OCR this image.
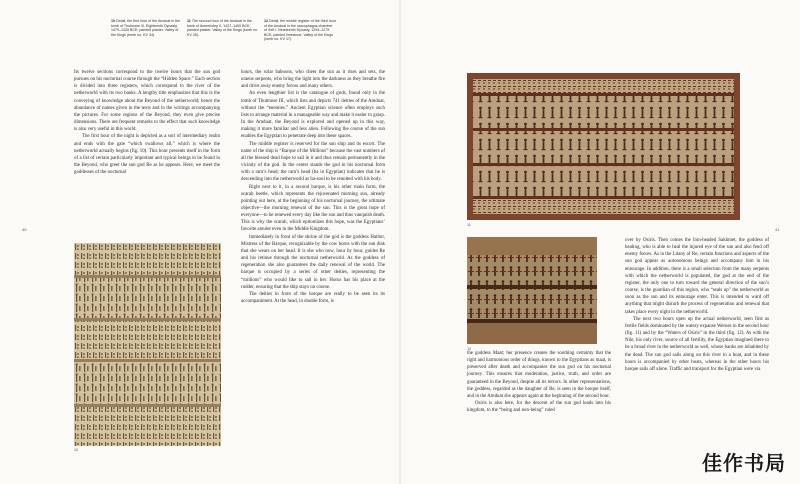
10 Detail, the first hour of the Amduat in the tomb of Thutmose III. Eighteenth Dynasty, 1479–1425 BCE; painted plaster. Valley of the Kings (tomb no. KV 34).
11 The second hour of the Amduat in the tomb of Amenhotep II, 1427–1400 BCE; painted plaster. Valley of the Kings (tomb no. KV 35).
12 Detail, the middle register of the third hour of the Amduat in the sarcophagus chamber of Seti I. Nineteenth Dynasty, 1294–1279 BCE; painted limestone. Valley of the Kings (tomb no. KV 17).

Its twelve sections correspond to the twelve hours that the sun god pursues on his nocturnal course through the “Hidden Space.” Each section is divided into three registers, which correspond to the river of the netherworld with its two banks. A lengthy title emphasizes that this is the conveying of knowledge about the Beyond of the netherworld; hence the abundance of names given in the texts and in the writings accompanying the pictures. For some regions of the Beyond, they even give precise dimensions. There are frequent remarks to the effect that such knowledge is also very useful in this world.

The first hour of the night is depicted as a sort of intermediary realm and ends with the gate “which swallows all,” which is where the netherworld actually begins (fig. 10). This hour presents itself in the form of a list of certain particularly important and typical beings to be found in the Beyond, who greet the sun god Re as he appears. Here, we meet the goddesses of the nocturnal

hours, the solar baboons, who cheer the sun as it rises and sets, the uraeus serpents, who bring the light into the darkness as they breathe fire and drive away enemy forces and many others.

An even lengthier list is the catalogue of gods, found only in the tomb of Thutmose III, which lists and depicts 741 deities of the Amduat, without the “enemies.” Ancient Egyptian science often employs such lists to arrange material in a manageable way and make it easier to grasp. In the Amduat, the Beyond is explored and opened up in this way, making it more familiar and less alien. Following the course of the sun enables the Egyptian to penetrate deep into these spaces.

The middle register is reserved for the sun ship and its escort. The name of the ship is “Barque of the Millions” because the vast numbers of all the blessed dead hope to sail in it and thus remain permanently in the vicinity of the god. In the center stands the god in his nocturnal form with a ram’s head; the ram’s head (ba in Egyptian) indicates that he is descending into the netherworld as ba-soul to be reunited with his body.

Right next to it, in a second barque, is his other main form, the scarab beetle, which represents the rejuvenated morning sun, already pointing out here, at the beginning of his nocturnal journey, the ultimate objective—the morning renewal of the sun. This is the great hope of everyone—to be renewed every day like the sun and thus vanquish death. This is why the scarab, which epitomizes this hope, was the Egyptians’ favorite amulet even in the Middle Kingdom.

Immediately in front of the shrine of the god is the goddess Hathor, Mistress of the Barque, recognizable by the cow horns with the sun disk that she wears on her head. It is she who now, hour by hour, guides Re and his retinue through the nocturnal netherworld. As the goddess of regeneration she also guarantees the daily renewal of the world. The barque is occupied by a series of other deities, representing the “millions” who would like to sail in her. Horus has his place at the rudder, ensuring that the ship stays on course.

The deities in front of the barque are really to be seen its its accompaniment. At the head, in double form, is

10
40
11
41
12

the goddess Maat; her presence creates the soothing certainty that the right and harmonious order of things, known to the Egyptians as maat, is preserved after death and accompanies the sun god on his nocturnal journey. This ensures that moderation, justice, truth, and order are guaranteed in the Beyond, despite all its terrors. In other representations, the goddess, regarded as the daughter of Re, is seen in the barque itself, and in the Amduat she appears again at the beginning of the second hour.

Osiris is also here, for the descent of the sun god leads into his kingdom, to the “being and non-being” ruled

over by Osiris. Then comes the lion-headed Sakhmet, the goddess of healing, who is able to heal the injured eye of the sun and also fend off enemy forces. As in the Litany of Re, certain functions and aspects of the sun god appear as autonomous beings and accompany him in his entourage. In addition, there is a small selection from the many serpents with which the netherworld is populated, the god at the end of the register, the only one to turn toward the general direction of the sun’s course, is the guardian of this region, who “seals up” the netherworld as soon as the sun and its entourage enter. This is intended to ward off anything that might disturb the process of regeneration and renewal that takes place every night in the netherworld.

The next two hours open up the actual netherworld, seen first as fertile fields dominated by the watery expanse Wernes in the second hour (fig. 11) and by the “Waters of Osiris” in the third (fig. 12). As with the Nile, his only river, source of all fertility, the Egyptian imagined there to be a broad river in the netherworld as well, whose banks are inhabited by the dead. The sun god sails along on this river in a boat, and in these hours is accompanied by other boats, whereas in the other hours his barque sails off alone. Traffic and transport for the Egyptian were via

佳作书局
